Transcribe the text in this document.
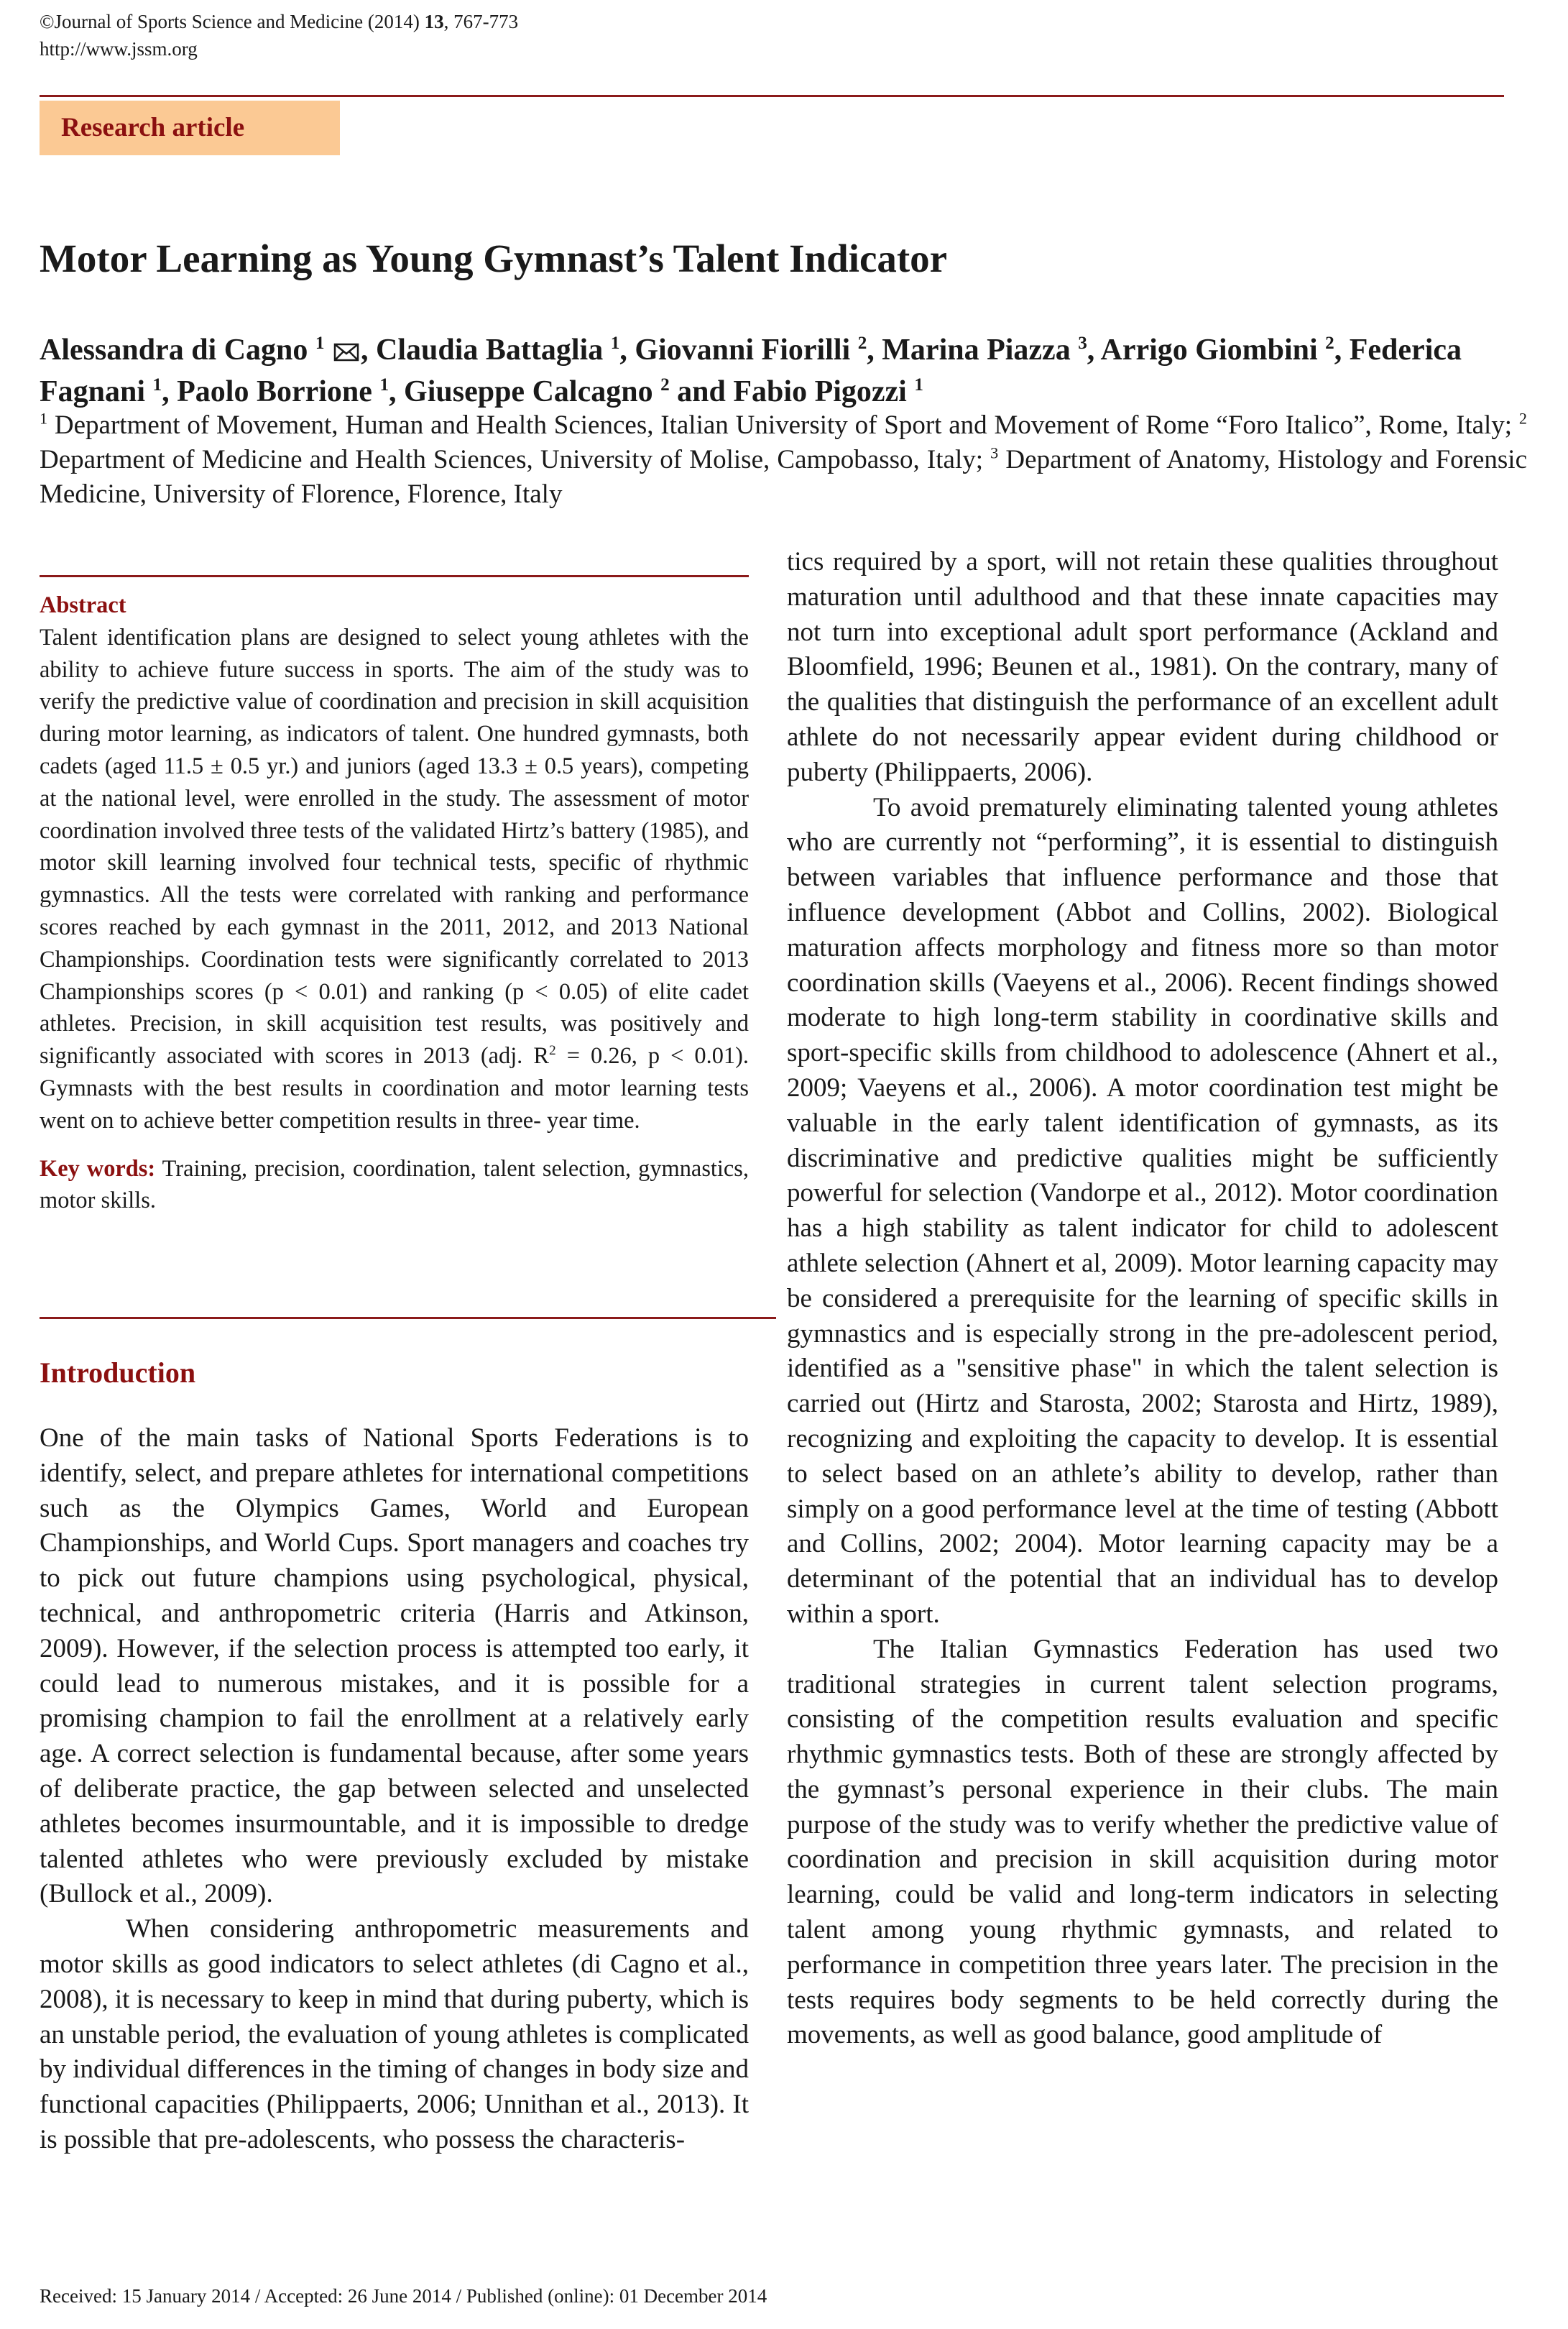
©Journal of Sports Science and Medicine (2014) 13, 767-773
http://www.jssm.org
Research article
Motor Learning as Young Gymnast’s Talent Indicator
Alessandra di Cagno $^1$ , Claudia Battaglia $^1$, Giovanni Fiorilli $^2$, Marina Piazza $^3$, Arrigo Giombini $^2$, Federica Fagnani $^1$, Paolo Borrione $^1$, Giuseppe Calcagno $^2$ and Fabio Pigozzi $^1$
$^1$ Department of Movement, Human and Health Sciences, Italian University of Sport and Movement of Rome “Foro Italico”, Rome, Italy; $^2$ Department of Medicine and Health Sciences, University of Molise, Campobasso, Italy; $^3$ Department of Anatomy, Histology and Forensic Medicine, University of Florence, Florence, Italy

Abstract

Talent identification plans are designed to select young athletes with the ability to achieve future success in sports. The aim of the study was to verify the predictive value of coordination and precision in skill acquisition during motor learning, as indicators of talent. One hundred gymnasts, both cadets (aged 11.5 ± 0.5 yr.) and juniors (aged 13.3 ± 0.5 years), competing at the national level, were enrolled in the study. The assessment of motor coordination involved three tests of the validated Hirtz’s battery (1985), and motor skill learning involved four technical tests, specific of rhythmic gymnastics. All the tests were correlated with ranking and performance scores reached by each gymnast in the 2011, 2012, and 2013 National Championships. Coordination tests were significantly correlated to 2013 Championships scores (p < 0.01) and ranking (p < 0.05) of elite cadet athletes. Precision, in skill acquisition test results, was positively and significantly associated with scores in 2013 (adj. $R^2 = 0.26$, p < 0.01). Gymnasts with the best results in coordination and motor learning tests went on to achieve better competition results in three- year time.

Key words: Training, precision, coordination, talent selection, gymnastics, motor skills.

Introduction

One of the main tasks of National Sports Federations is to identify, select, and prepare athletes for international competitions such as the Olympics Games, World and European Championships, and World Cups. Sport managers and coaches try to pick out future champions using psychological, physical, technical, and anthropometric criteria (Harris and Atkinson, 2009). However, if the selection process is attempted too early, it could lead to numerous mistakes, and it is possible for a promising champion to fail the enrollment at a relatively early age. A correct selection is fundamental because, after some years of deliberate practice, the gap between selected and unselected athletes becomes insurmountable, and it is impossible to dredge talented athletes who were previously excluded by mistake (Bullock et al., 2009).

When considering anthropometric measurements and motor skills as good indicators to select athletes (di Cagno et al., 2008), it is necessary to keep in mind that during puberty, which is an unstable period, the evaluation of young athletes is complicated by individual differences in the timing of changes in body size and functional capacities (Philippaerts, 2006; Unnithan et al., 2013). It is possible that pre-adolescents, who possess the characteris-

tics required by a sport, will not retain these qualities throughout maturation until adulthood and that these innate capacities may not turn into exceptional adult sport performance (Ackland and Bloomfield, 1996; Beunen et al., 1981). On the contrary, many of the qualities that distinguish the performance of an excellent adult athlete do not necessarily appear evident during childhood or puberty (Philippaerts, 2006).

To avoid prematurely eliminating talented young athletes who are currently not “performing”, it is essential to distinguish between variables that influence performance and those that influence development (Abbot and Collins, 2002). Biological maturation affects morphology and fitness more so than motor coordination skills (Vaeyens et al., 2006). Recent findings showed moderate to high long-term stability in coordinative skills and sport-specific skills from childhood to adolescence (Ahnert et al., 2009; Vaeyens et al., 2006). A motor coordination test might be valuable in the early talent identification of gymnasts, as its discriminative and predictive qualities might be sufficiently powerful for selection (Vandorpe et al., 2012). Motor coordination has a high stability as talent indicator for child to adolescent athlete selection (Ahnert et al, 2009). Motor learning capacity may be considered a prerequisite for the learning of specific skills in gymnastics and is especially strong in the pre-adolescent period, identified as a "sensitive phase" in which the talent selection is carried out (Hirtz and Starosta, 2002; Starosta and Hirtz, 1989), recognizing and exploiting the capacity to develop. It is essential to select based on an athlete’s ability to develop, rather than simply on a good performance level at the time of testing (Abbott and Collins, 2002; 2004). Motor learning capacity may be a determinant of the potential that an individual has to develop within a sport.

The Italian Gymnastics Federation has used two traditional strategies in current talent selection programs, consisting of the competition results evaluation and specific rhythmic gymnastics tests. Both of these are strongly affected by the gymnast’s personal experience in their clubs. The main purpose of the study was to verify whether the predictive value of coordination and precision in skill acquisition during motor learning, could be valid and long-term indicators in selecting talent among young rhythmic gymnasts, and related to performance in competition three years later. The precision in the tests requires body segments to be held correctly during the movements, as well as good balance, good amplitude of

Received: 15 January 2014 / Accepted: 26 June 2014 / Published (online): 01 December 2014
